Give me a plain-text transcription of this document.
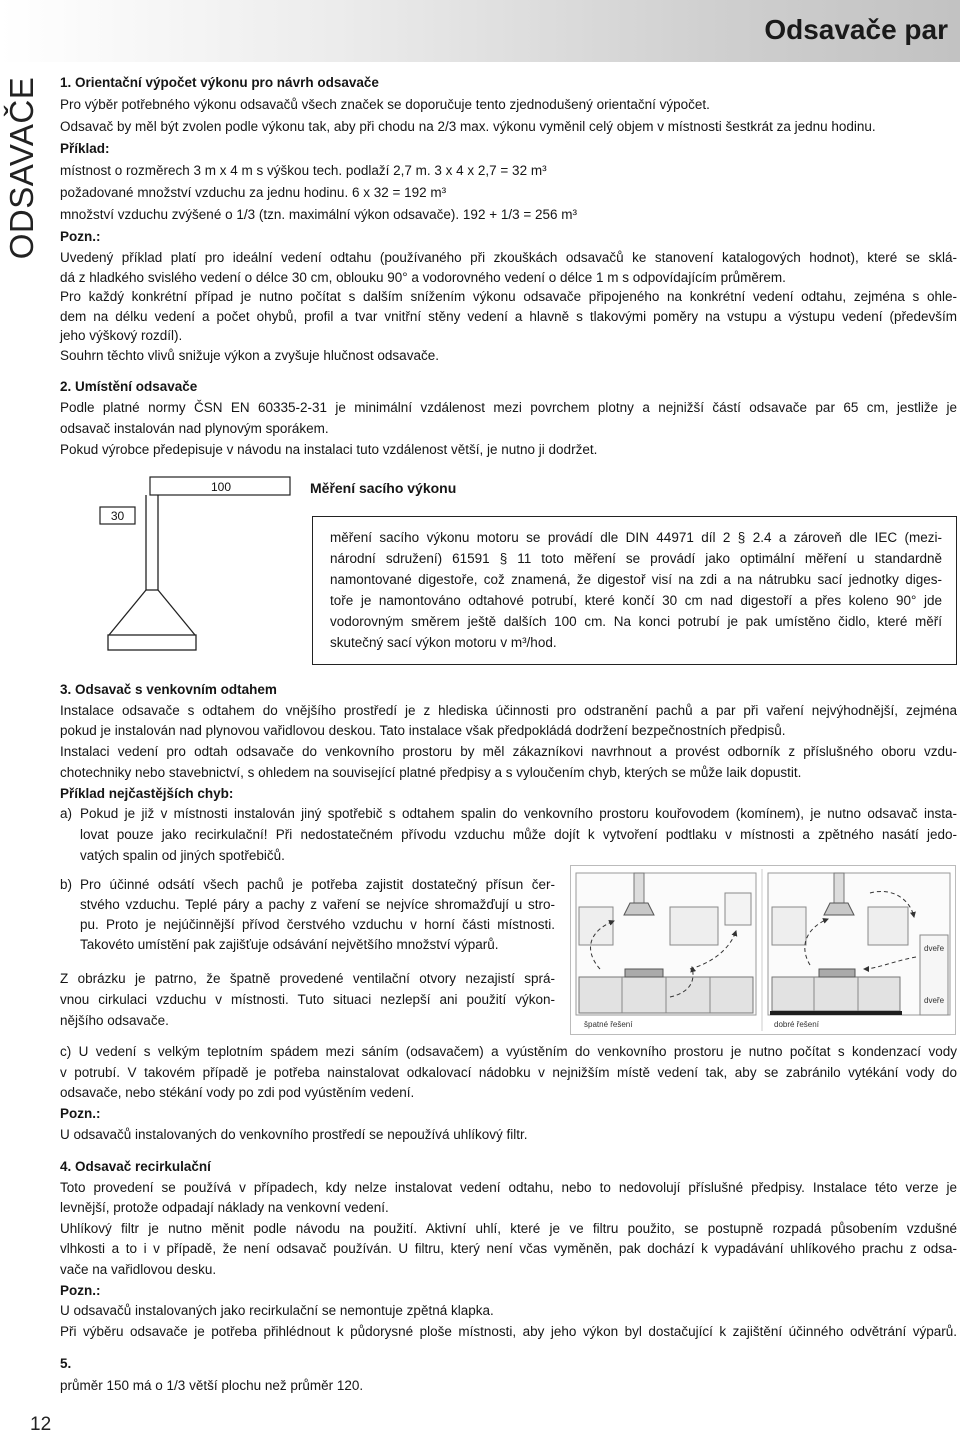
Odsavače par
ODSAVAČE 1. Orientační výpočet výkonu pro návrh odsavače
Pro výběr potřebného výkonu odsavačů všech značek se doporučuje tento zjednodušený orientační výpočet.
Odsavač by měl být zvolen podle výkonu tak, aby při chodu na 2/3 max. výkonu vyměnil celý objem v místnosti šestkrát za jednu hodinu.
Příklad:
místnost o rozměrech 3 m x 4 m s výškou tech. podlaží 2,7 m. 3 x 4 x 2,7 = 32 m³
požadované množství vzduchu za jednu hodinu. 6 x 32 = 192 m³
množství vzduchu zvýšené o 1/3 (tzn. maximální výkon odsavače). 192 + 1/3 = 256 m³
Pozn.:
Uvedený příklad platí pro ideální vedení odtahu (používaného při zkouškách odsavačů ke stanovení katalogových hodnot), které se sklá-
dá z hladkého svislého vedení o délce 30 cm, oblouku 90° a vodorovného vedení o délce 1 m s odpovídajícím průměrem.
Pro každý konkrétní případ je nutno počítat s dalším snížením výkonu odsavače připojeného na konkrétní vedení odtahu, zejména s ohle-
dem na délku vedení a počet ohybů, profil a tvar vnitřní stěny vedení a hlavně s tlakovými poměry na vstupu a výstupu vedení (především
jeho výškový rozdíl).
Souhrn těchto vlivů snižuje výkon a zvyšuje hlučnost odsavače.
2. Umístění odsavače
Podle platné normy ČSN EN 60335-2-31 je minimální vzdálenost mezi povrchem plotny a nejnižší částí odsavače par 65 cm, jestliže je
odsavač instalován nad plynovým sporákem.
Pokud výrobce předepisuje v návodu na instalaci tuto vzdálenost větší, je nutno ji dodržet.
100
30
Měření sacího výkonu
měření sacího výkonu motoru se provádí dle DIN 44971 díl 2 § 2.4 a zároveň dle IEC (mezi-
národní sdružení) 61591 § 11 toto měření se provádí jako optimální měření u standardně
namontované digestoře, což znamená, že digestoř visí na zdi a na nátrubku sací jednotky diges-
toře je namontováno odtahové potrubí, které končí 30 cm nad digestoří a přes koleno 90° jde
vodorovným směrem ještě dalších 100 cm. Na konci potrubí je pak umístěno čidlo, které měří
skutečný sací výkon motoru v m³/hod.
3. Odsavač s venkovním odtahem
Instalace odsavače s odtahem do vnějšího prostředí je z hlediska účinnosti pro odstranění pachů a par při vaření nejvýhodnější, zejména
pokud je instalován nad plynovou vařidlovou deskou. Tato instalace však předpokládá dodržení bezpečnostních předpisů.
Instalaci vedení pro odtah odsavače do venkovního prostoru by měl zákazníkovi navrhnout a provést odborník z příslušného oboru vzdu-
chotechniky nebo stavebnictví, s ohledem na související platné předpisy a s vyloučením chyb, kterých se může laik dopustit.
Příklad nejčastějších chyb:
a) Pokud je již v místnosti instalován jiný spotřebič s odtahem spalin do venkovního prostoru kouřovodem (komínem), je nutno odsavač insta-
lovat pouze jako recirkulační! Při nedostatečném přívodu vzduchu může dojít k vytvoření podtlaku v místnosti a zpětného nasátí jedo-
vatých spalin od jiných spotřebičů.
b) Pro účinné odsátí všech pachů je potřeba zajistit dostatečný přísun čer-
stvého vzduchu. Teplé páry a pachy z vaření se nejvíce shromažďují u stro-
pu. Proto je nejúčinnější přívod čerstvého vzduchu v horní části místnosti.
Takovéto umístění pak zajišťuje odsávání největšího množství výparů.
Z obrázku je patrno, že špatně provedené ventilační otvory nezajistí sprá-
vnou cirkulaci vzduchu v místnosti. Tuto situaci nezlepší ani použití výkon-
nějšího odsavače.	špatné řešení
dveře
dveře
dobré řešení
c) U vedení s velkým teplotním spádem mezi sáním (odsavačem) a vyústěním do venkovního prostoru je nutno počítat s kondenzací vody
v potrubí. V takovém případě je potřeba nainstalovat odkalovací nádobku v nejnižším místě vedení tak, aby se zabránilo vytékání vody do
odsavače, nebo stékání vody po zdi pod vyústěním vedení.
Pozn.:
U odsavačů instalovaných do venkovního prostředí se nepoužívá uhlíkový filtr.
4. Odsavač recirkulační
Toto provedení se používá v případech, kdy nelze instalovat vedení odtahu, nebo to nedovolují příslušné předpisy. Instalace této verze je
levnější, protože odpadají náklady na venkovní vedení.
Uhlíkový filtr je nutno měnit podle návodu na použití. Aktivní uhlí, které je ve filtru použito, se postupně rozpadá působením vzdušné
vlhkosti a to i v případě, že není odsavač používán. U filtru, který není včas vyměněn, pak dochází k vypadávání uhlíkového prachu z odsa-
vače na vařidlovou desku.
Pozn.:
U odsavačů instalovaných jako recirkulační se nemontuje zpětná klapka.
Při výběru odsavače je potřeba přihlédnout k půdorysné ploše místnosti, aby jeho výkon byl dostačující k zajištění účinného odvětrání výparů.
5.
průměr 150 má o 1/3 větší plochu než průměr 120.
12
